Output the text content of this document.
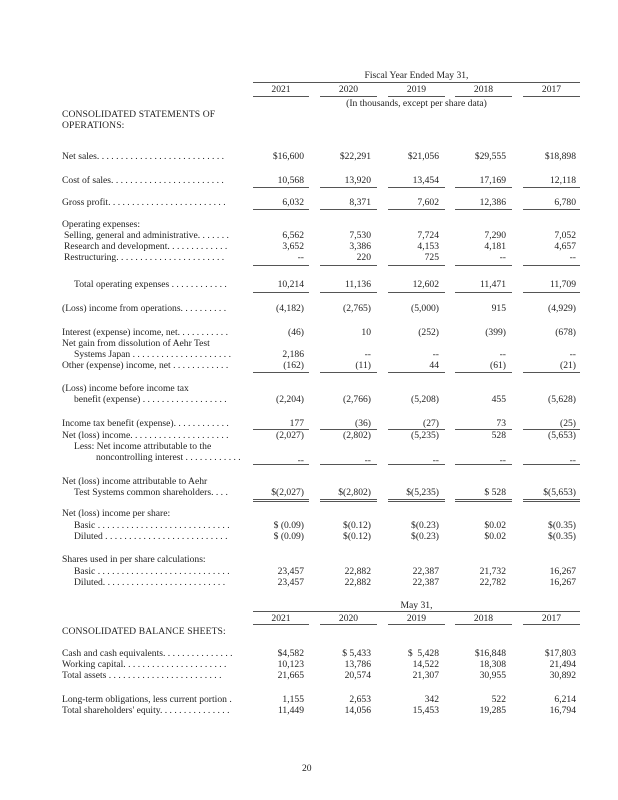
Fiscal Year Ended May 31,
2021	2020	2019	2018	2017
(In thousands, except per share data)
CONSOLIDATED STATEMENTS OF
OPERATIONS:
Net sales. . . . . . . . . . . . . . . . . . . . . . . . . . .	$16,600	$22,291	$21,056	$29,555	$18,898
Cost of sales. . . . . . . . . . . . . . . . . . . . . . . .	10,568	13,920	13,454	17,169	12,118
Gross profit. . . . . . . . . . . . . . . . . . . . . . . . .	6,032	8,371	7,602	12,386	6,780
Operating expenses:
Selling, general and administrative. . . . . . .	6,562	7,530	7,724	7,290	7,052
Research and development. . . . . . . . . . . . .	3,652	3,386	4,153	4,181	4,657
Restructuring. . . . . . . . . . . . . . . . . . . . . . .	--	220	725	--	--
Total operating expenses . . . . . . . . . . . .	10,214	11,136	12,602	11,471	11,709
(Loss) income from operations. . . . . . . . . .	(4,182)	(2,765)	(5,000)	915	(4,929)
Interest (expense) income, net. . . . . . . . . . .	(46)	10	(252)	(399)	(678)
Net gain from dissolution of Aehr Test
Systems Japan . . . . . . . . . . . . . . . . . . . . .	2,186	--	--	--	--
Other (expense) income, net . . . . . . . . . . . .	(162)	(11)	44	(61)	(21)
(Loss) income before income tax
benefit (expense) . . . . . . . . . . . . . . . . . .	(2,204)	(2,766)	(5,208)	455	(5,628)
Income tax benefit (expense). . . . . . . . . . . .	177	(36)	(27)	73	(25)
Net (loss) income. . . . . . . . . . . . . . . . . . . . .	(2,027)	(2,802)	(5,235)	528	(5,653)
Less: Net income attributable to the
noncontrolling interest . . . . . . . . . . . .	--	--	--	--	--
Net (loss) income attributable to Aehr
Test Systems common shareholders. . . .	$(2,027)	$(2,802)	$(5,235)	$ 528	$(5,653)
Net (loss) income per share:
Basic . . . . . . . . . . . . . . . . . . . . . . . . . . . .	$ (0.09)	$(0.12)	$(0.23)	$0.02	$(0.35)
Diluted . . . . . . . . . . . . . . . . . . . . . . . . . .	$ (0.09)	$(0.12)	$(0.23)	$0.02	$(0.35)
Shares used in per share calculations:
Basic . . . . . . . . . . . . . . . . . . . . . . . . . . . .	23,457	22,882	22,387	21,732	16,267
Diluted. . . . . . . . . . . . . . . . . . . . . . . . . .	23,457	22,882	22,387	22,782	16,267
May 31,
2021	2020	2019	2018	2017
CONSOLIDATED BALANCE SHEETS:
Cash and cash equivalents. . . . . . . . . . . . . . .	$4,582	$ 5,433	$  5,428	$16,848	$17,803
Working capital. . . . . . . . . . . . . . . . . . . . . .	10,123	13,786	14,522	18,308	21,494
Total assets . . . . . . . . . . . . . . . . . . . . . . . .	21,665	20,574	21,307	30,955	30,892
Long-term obligations, less current portion .	1,155	2,653	342	522	6,214
Total shareholders' equity. . . . . . . . . . . . . . .	11,449	14,056	15,453	19,285	16,794
20
